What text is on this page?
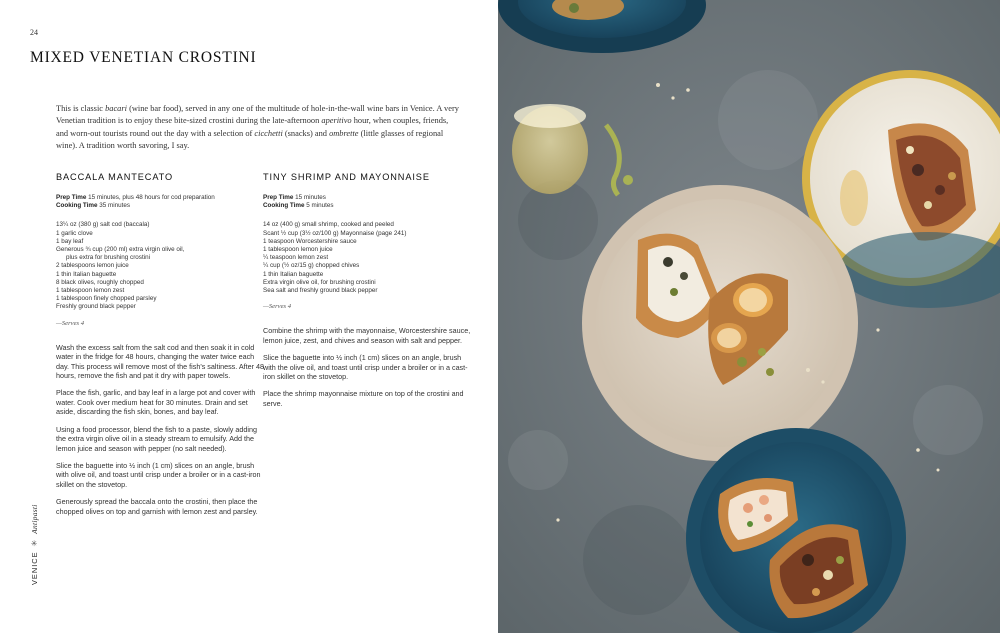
24
MIXED VENETIAN CROSTINI

This is classic bacari (wine bar food), served in any one of the multitude of hole-in-the-wall wine bars in Venice. A very Venetian tradition is to enjoy these bite-sized crostini during the late-afternoon aperitivo hour, when couples, friends, and worn-out tourists round out the day with a selection of cicchetti (snacks) and ombrette (little glasses of regional wine). A tradition worth savoring, I say.

BACCALA MANTECATO
Prep Time 15 minutes, plus 48 hours for cod preparation
Cooking Time 35 minutes
13¼ oz (380 g) salt cod (baccala)
1 garlic clove
1 bay leaf
Generous ¾ cup (200 ml) extra virgin olive oil,
plus extra for brushing crostini
2 tablespoons lemon juice
1 thin Italian baguette
8 black olives, roughly chopped
1 tablespoon lemon zest
1 tablespoon finely chopped parsley
Freshly ground black pepper
—Serves 4

Wash the excess salt from the salt cod and then soak it in cold water in the fridge for 48 hours, changing the water twice each day. This process will remove most of the fish's saltiness. After 48 hours, remove the fish and pat it dry with paper towels.

Place the fish, garlic, and bay leaf in a large pot and cover with water. Cook over medium heat for 30 minutes. Drain and set aside, discarding the fish skin, bones, and bay leaf.

Using a food processor, blend the fish to a paste, slowly adding the extra virgin olive oil in a steady stream to emulsify. Add the lemon juice and season with pepper (no salt needed).

Slice the baguette into ½ inch (1 cm) slices on an angle, brush with olive oil, and toast until crisp under a broiler or in a cast-iron skillet on the stovetop.

Generously spread the baccala onto the crostini, then place the chopped olives on top and garnish with lemon zest and parsley.

TINY SHRIMP AND MAYONNAISE
Prep Time 15 minutes
Cooking Time 5 minutes
14 oz (400 g) small shrimp, cooked and peeled
Scant ½ cup (3½ oz/100 g) Mayonnaise (page 241)
1 teaspoon Worcestershire sauce
1 tablespoon lemon juice
¼ teaspoon lemon zest
¼ cup (½ oz/15 g) chopped chives
1 thin Italian baguette
Extra virgin olive oil, for brushing crostini
Sea salt and freshly ground black pepper
—Serves 4

Combine the shrimp with the mayonnaise, Worcestershire sauce, lemon juice, zest, and chives and season with salt and pepper.

Slice the baguette into ½ inch (1 cm) slices on an angle, brush with the olive oil, and toast until crisp under a broiler or in a cast-iron skillet on the stovetop.

Place the shrimp mayonnaise mixture on top of the crostini and serve.

VENICE
✳
Antipasti
